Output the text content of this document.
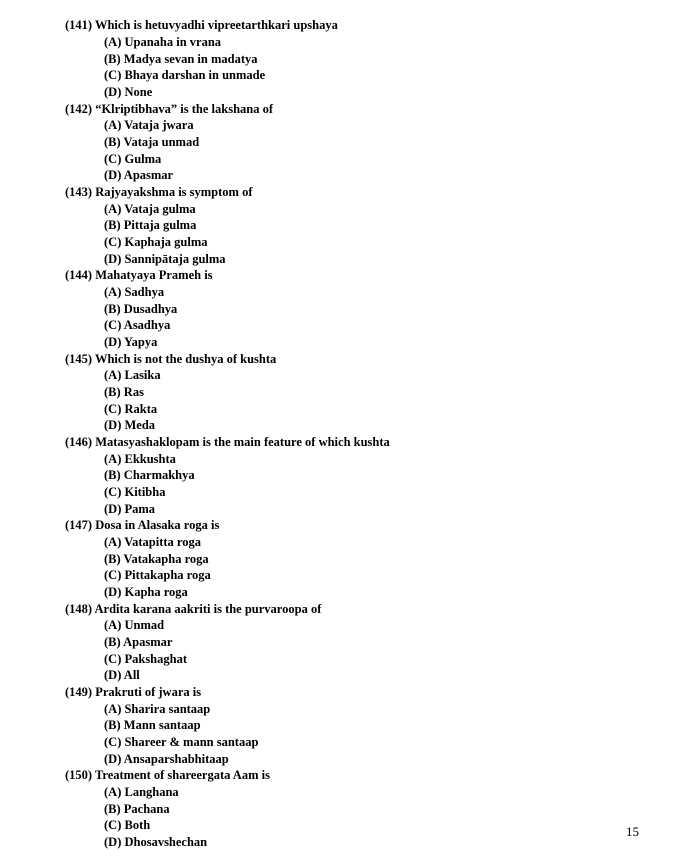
(141) Which is hetuvyadhi vipreetarthkari upshaya
(A) Upanaha in vrana
(B) Madya sevan in madatya
(C) Bhaya darshan in unmade
(D) None
(142) “Klriptibhava” is the lakshana of
(A) Vataja jwara
(B) Vataja unmad
(C) Gulma
(D) Apasmar
(143) Rajyayakshma is symptom of
(A) Vataja gulma
(B) Pittaja gulma
(C) Kaphaja gulma
(D) Sannipātaja gulma
(144) Mahatyaya Prameh is
(A) Sadhya
(B) Dusadhya
(C) Asadhya
(D) Yapya
(145) Which is not the dushya of kushta
(A) Lasika
(B) Ras
(C) Rakta
(D) Meda
(146) Matasyashaklopam is the main feature of which kushta
(A) Ekkushta
(B) Charmakhya
(C) Kitibha
(D) Pama
(147) Dosa in Alasaka roga is
(A) Vatapitta roga
(B) Vatakapha roga
(C) Pittakapha roga
(D) Kapha roga
(148) Ardita karana aakriti is the purvaroopa of
(A) Unmad
(B) Apasmar
(C) Pakshaghat
(D) All
(149) Prakruti of jwara is
(A) Sharira santaap
(B) Mann santaap
(C) Shareer & mann santaap
(D) Ansaparshabhitaap
(150) Treatment of shareergata Aam is
(A) Langhana
(B) Pachana
(C) Both
(D) Dhosavshechan
15
